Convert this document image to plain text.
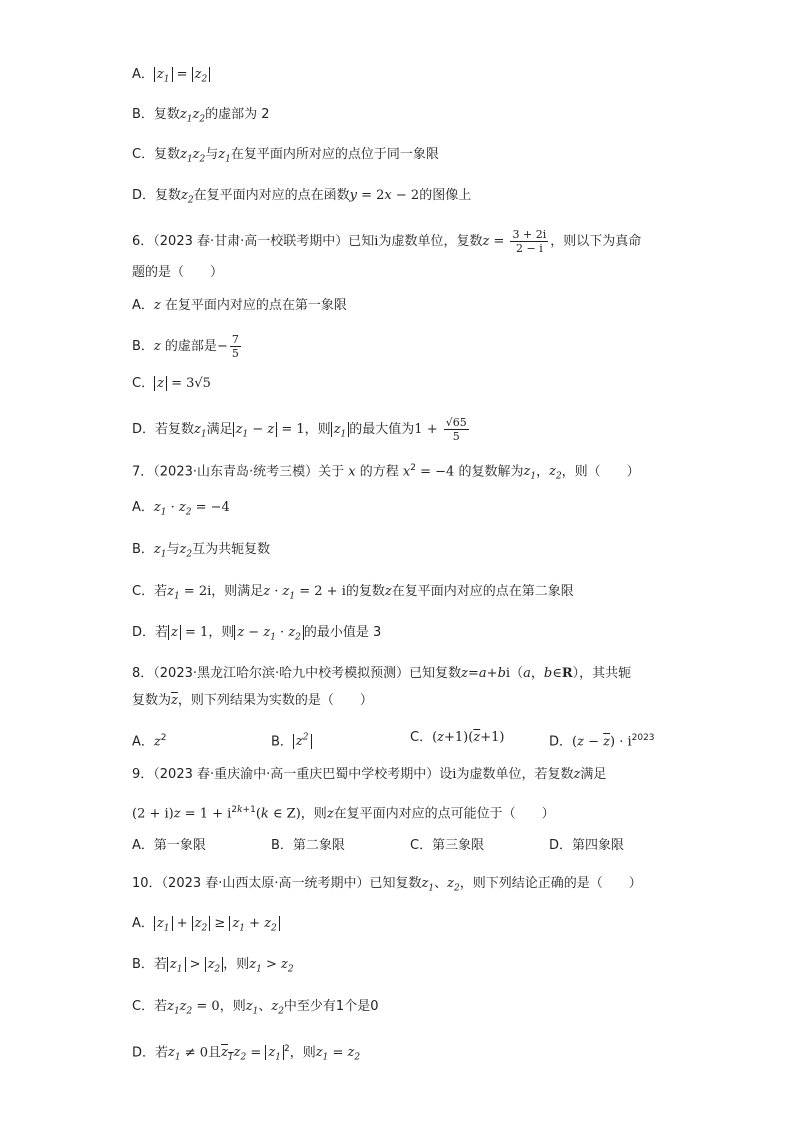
A． $z_1 = z_2$
B．复数$z_1z_2$的虚部为 2
C．复数$z_1z_2$与$z_1$在复平面内所对应的点位于同一象限
D．复数$z_2$在复平面内对应的点在函数y = 2x − 2的图像上
6．（2023 春·甘肃·高一校联考期中）已知i为虚数单位，复数$z = \frac{3 + 2i}{2 - i}$ ，则以下为真命
题的是（　　）
A．z 在复平面内对应的点在第一象限
B．z 的虚部是− $\frac{7}{5}$
C． z = 3√5
D．若复数$z_1$满足 $z_1 - z = 1$，则 $z_1$ 的最大值为$1 + \frac{√65}{5}$
7．（2023·山东青岛·统考三模）关于 x 的方程 $x^2 = -4$ 的复数解为$z_1$，$z_2$，则（　　）
A．$z_1 \cdot z_2 = -4$
B．$z_1$与$z_2$互为共轭复数
C．若$z_1 = 2i$，则满足$z \cdot z_1 = 2 + i$的复数z在复平面内对应的点在第二象限
D．若 z = 1，则 $z - z_1 \cdot z_2$ 的最小值是 3
8．（2023·黑龙江哈尔滨·哈九中校考模拟预测）已知复数z=a+bi（a，b∈R），其共轭
复数为$\overline{z}$，则下列结果为实数的是（　　）
A．$z^2$	B． $z^2$	C．$(z+1)(\overline{z}+1)$	D．$(z - \overline{z}) \cdot i^{2023}$
9．（2023 春·重庆渝中·高一重庆巴蜀中学校考期中）设i为虚数单位，若复数z满足
$(2 + i)z = 1 + i^{2k+1}(k$ ∈ Z)，则z在复平面内对应的点可能位于（　　）
A．第一象限	B．第二象限	C．第三象限	D．第四象限
10．（2023 春·山西太原·高一统考期中）已知复数$z_1$、$z_2$，则下列结论正确的是（　　）
A． $z_1 + z_2 \ge z_1 + z_2$
B．若 $z_1 > z_2$ ，则$z_1 > z_2$
C．若$z_1z_2 = 0$，则$z_1$、$z_2$中至少有1个是0
D．若$z_1 \ne 0$且$z_1z_2 = z_1^2$，则$z_1 = z_2$
